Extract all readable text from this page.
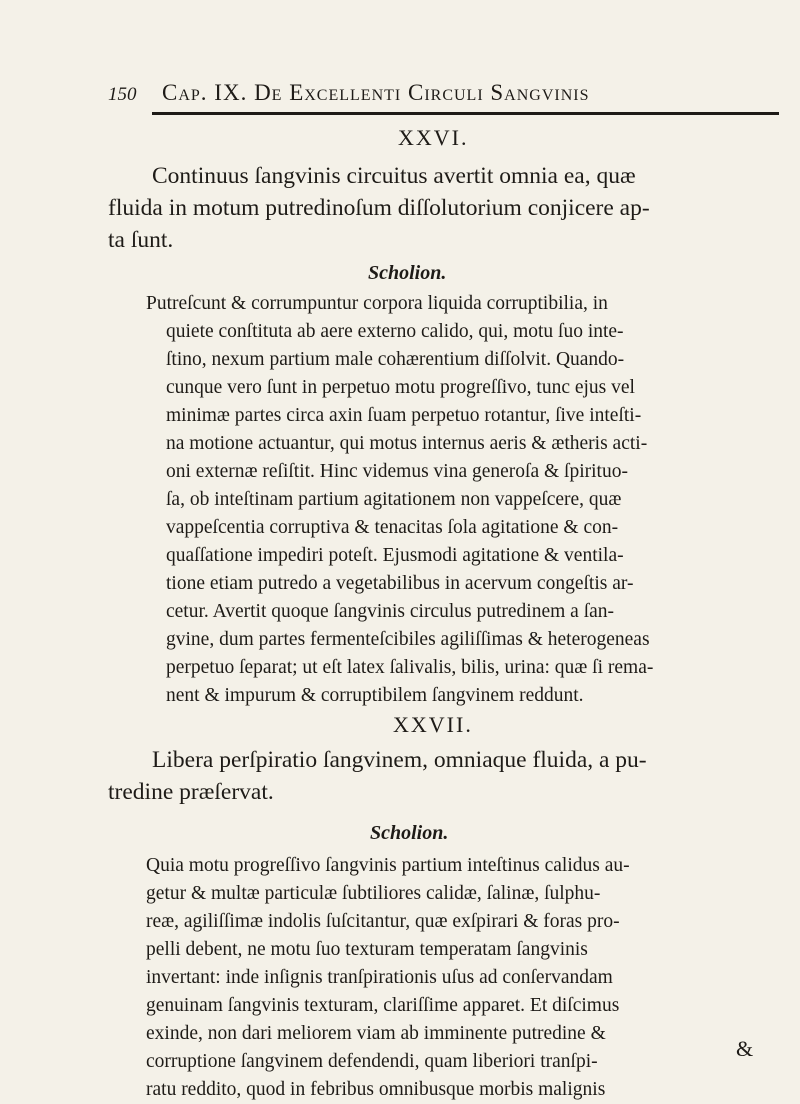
150 Cap. IX. De Excellenti Circuli Sangvinis
XXVI.
Continuus ſangvinis circuitus avertit omnia ea, quæ
fluida in motum putredinoſum diſſolutorium conjicere ap-
ta ſunt.
Scholion.
Putreſcunt & corrumpuntur corpora liquida corruptibilia, in
quiete conſtituta ab aere externo calido, qui, motu ſuo inte-
ſtino, nexum partium male cohærentium diſſolvit. Quando-
cunque vero ſunt in perpetuo motu progreſſivo, tunc ejus vel
minimæ partes circa axin ſuam perpetuo rotantur, ſive inteſti-
na motione actuantur, qui motus internus aeris & ætheris acti-
oni externæ reſiſtit. Hinc videmus vina generoſa & ſpirituo-
ſa, ob inteſtinam partium agitationem non vappeſcere, quæ
vappeſcentia corruptiva & tenacitas ſola agitatione & con-
quaſſatione impediri poteſt. Ejusmodi agitatione & ventila-
tione etiam putredo a vegetabilibus in acervum congeſtis ar-
cetur. Avertit quoque ſangvinis circulus putredinem a ſan-
gvine, dum partes fermenteſcibiles agiliſſimas & heterogeneas
perpetuo ſeparat; ut eſt latex ſalivalis, bilis, urina: quæ ſi rema-
nent & impurum & corruptibilem ſangvinem reddunt.
XXVII.
Libera perſpiratio ſangvinem, omniaque fluida, a pu-
tredine præſervat.
Scholion.
Quia motu progreſſivo ſangvinis partium inteſtinus calidus au-
getur & multæ particulæ ſubtiliores calidæ, ſalinæ, ſulphu-
reæ, agiliſſimæ indolis ſuſcitantur, quæ exſpirari & foras pro-
pelli debent, ne motu ſuo texturam temperatam ſangvinis
invertant: inde inſignis tranſpirationis uſus ad conſervandam
genuinam ſangvinis texturam, clariſſime apparet. Et diſcimus
exinde, non dari meliorem viam ab imminente putredine &
corruptione ſangvinem defendendi, quam liberiori tranſpi-
ratu reddito, quod in febribus omnibusque morbis malignis
&
